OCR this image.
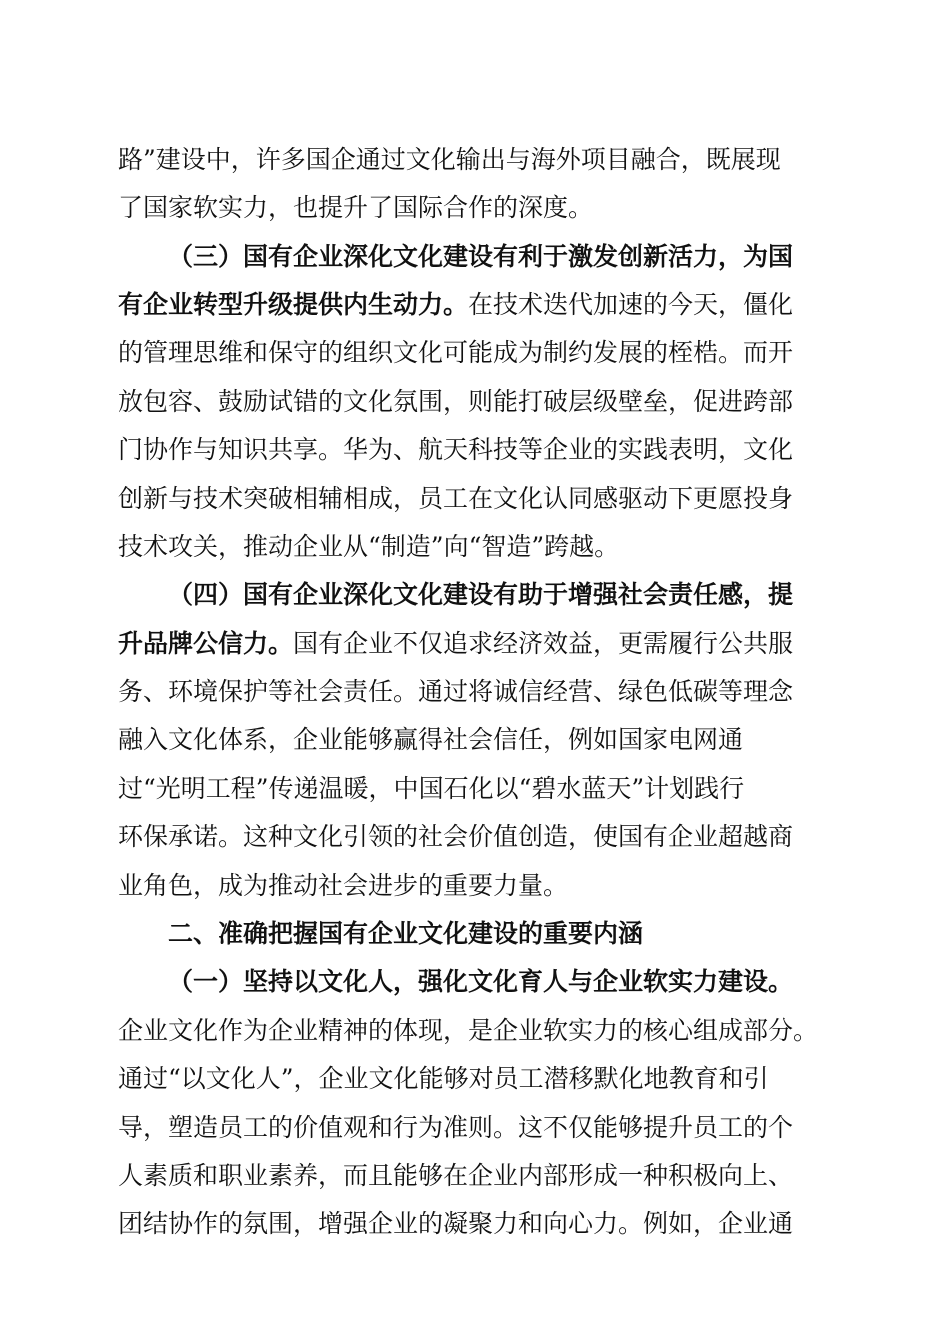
路”建设中，许多国企通过文化输出与海外项目融合，既展现
了国家软实力，也提升了国际合作的深度。
（三）国有企业深化文化建设有利于激发创新活力，为国
有企业转型升级提供内生动力。在技术迭代加速的今天，僵化
的管理思维和保守的组织文化可能成为制约发展的桎梏。而开
放包容、鼓励试错的文化氛围，则能打破层级壁垒，促进跨部
门协作与知识共享。华为、航天科技等企业的实践表明，文化
创新与技术突破相辅相成，员工在文化认同感驱动下更愿投身
技术攻关，推动企业从“制造”向“智造”跨越。
（四）国有企业深化文化建设有助于增强社会责任感，提
升品牌公信力。国有企业不仅追求经济效益，更需履行公共服
务、环境保护等社会责任。通过将诚信经营、绿色低碳等理念
融入文化体系，企业能够赢得社会信任，例如国家电网通
过“光明工程”传递温暖，中国石化以“碧水蓝天”计划践行
环保承诺。这种文化引领的社会价值创造，使国有企业超越商
业角色，成为推动社会进步的重要力量。
二、准确把握国有企业文化建设的重要内涵
（一）坚持以文化人，强化文化育人与企业软实力建设。
企业文化作为企业精神的体现，是企业软实力的核心组成部分。
通过“以文化人”，企业文化能够对员工潜移默化地教育和引
导，塑造员工的价值观和行为准则。这不仅能够提升员工的个
人素质和职业素养，而且能够在企业内部形成一种积极向上、
团结协作的氛围，增强企业的凝聚力和向心力。例如，企业通
